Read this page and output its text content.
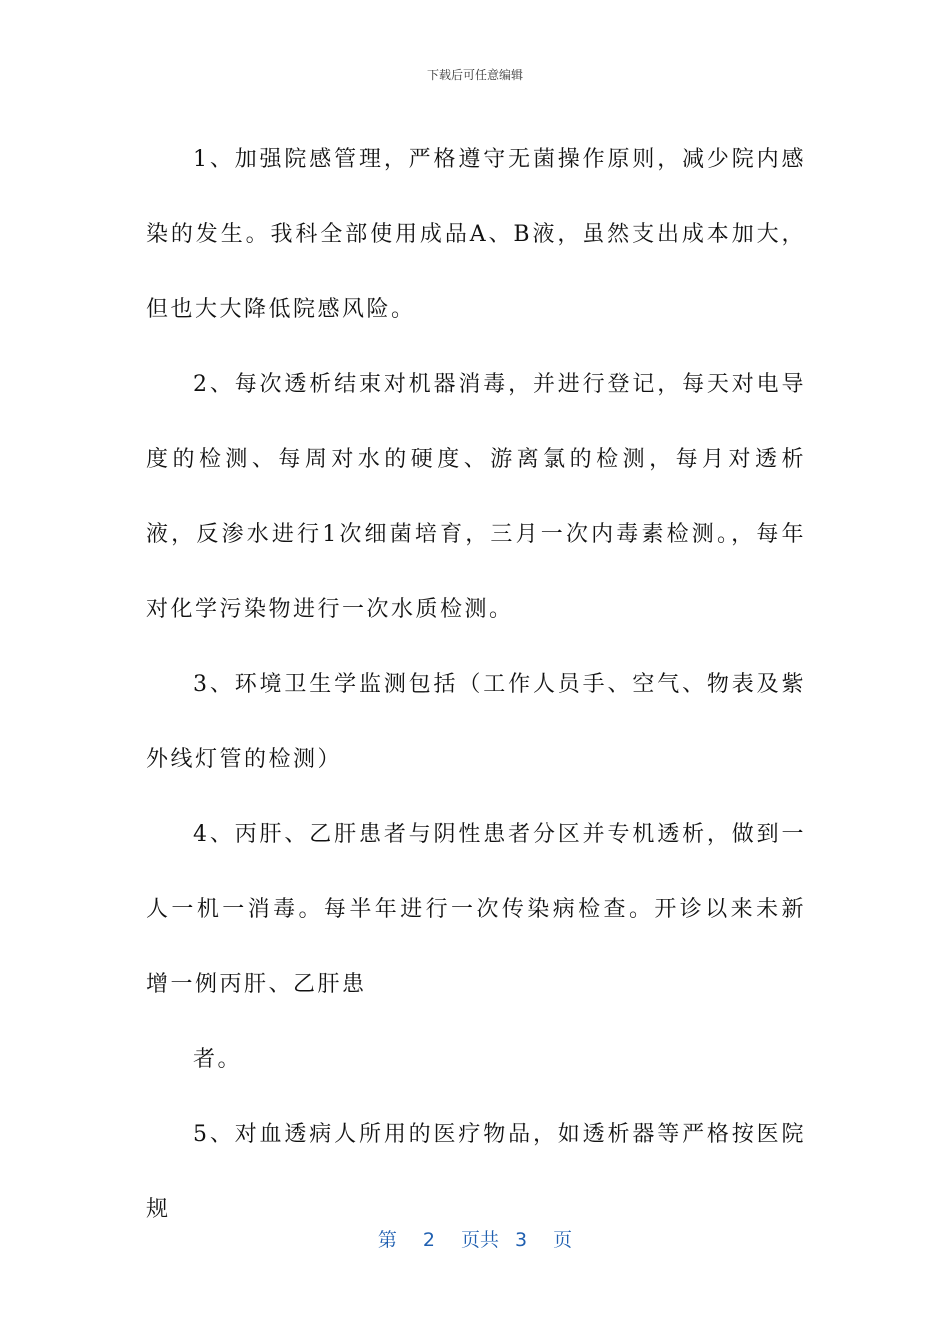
下载后可任意编辑

1、加强院感管理，严格遵守无菌操作原则，减少院内感染的发生。我科全部使用成品A、B液，虽然支出成本加大，但也大大降低院感风险。

2、每次透析结束对机器消毒，并进行登记，每天对电导度的检测、每周对水的硬度、游离氯的检测，每月对透析液，反渗水进行1次细菌培育，三月一次内毒素检测。，每年对化学污染物进行一次水质检测。

3、环境卫生学监测包括（工作人员手、空气、物表及紫外线灯管的检测）

4、丙肝、乙肝患者与阴性患者分区并专机透析，做到一人一机一消毒。每半年进行一次传染病检查。开诊以来未新增一例丙肝、乙肝患

者。

5、对血透病人所用的医疗物品，如透析器等严格按医院规

第 2 页共 3 页
